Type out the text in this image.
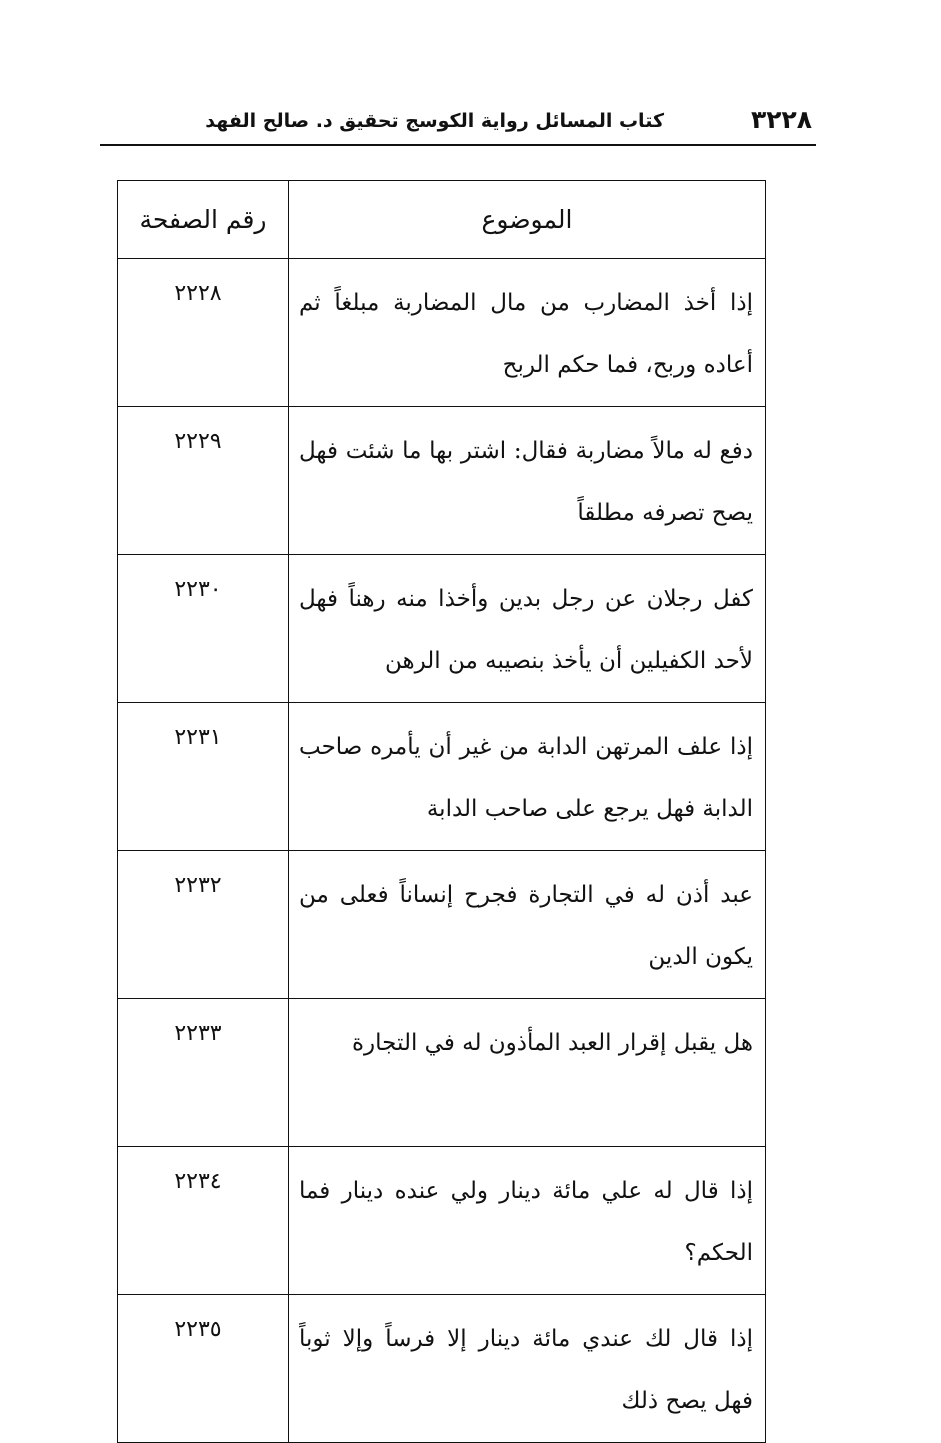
٣٢٢٨
كتاب المسائل رواية الكوسج تحقيق د. صالح الفهد
الموضوع	رقم الصفحة
إذا أخذ المضارب من مال المضاربة مبلغاً ثم أعاده وربح، فما حكم الربح	٢٢٢٨
دفع له مالاً مضاربة فقال: اشتر بها ما شئت فهل يصح تصرفه مطلقاً	٢٢٢٩
كفل رجلان عن رجل بدين وأخذا منه رهناً فهل لأحد الكفيلين أن يأخذ بنصيبه من الرهن	٢٢٣٠
إذا علف المرتهن الدابة من غير أن يأمره صاحب الدابة فهل يرجع على صاحب الدابة	٢٢٣١
عبد أذن له في التجارة فجرح إنساناً فعلى من يكون الدين	٢٢٣٢
هل يقبل إقرار العبد المأذون له في التجارة	٢٢٣٣
إذا قال له علي مائة دينار ولي عنده دينار فما الحكم؟	٢٢٣٤
إذا قال لك عندي مائة دينار إلا فرساً وإلا ثوباً فهل يصح ذلك	٢٢٣٥
